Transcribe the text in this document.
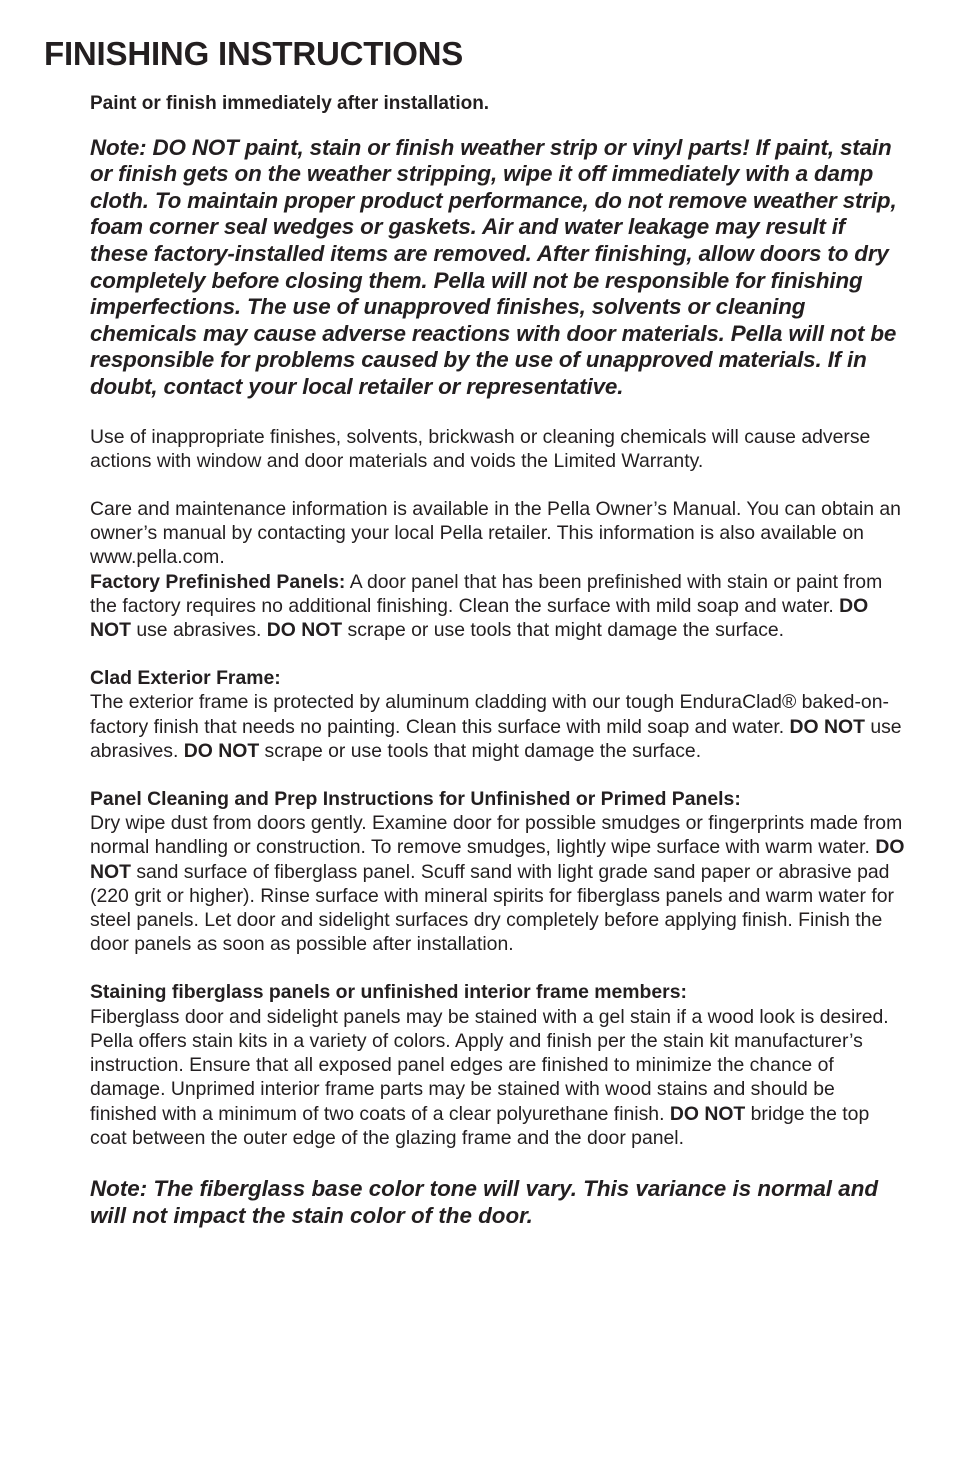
FINISHING INSTRUCTIONS

Paint or finish immediately after installation.

Note: DO NOT paint, stain or finish weather strip or vinyl parts! If paint, stain or finish gets on the weather stripping, wipe it off immediately with a damp cloth. To maintain proper product performance, do not remove weather strip, foam corner seal wedges or gaskets. Air and water leakage may result if these factory-installed items are removed. After finishing, allow doors to dry completely before closing them. Pella will not be responsible for finishing imperfections. The use of unapproved finishes, solvents or cleaning chemicals may cause adverse reactions with door materials. Pella will not be responsible for problems caused by the use of unapproved materials. If in doubt, contact your local retailer or representative.

Use of inappropriate finishes, solvents, brickwash or cleaning chemicals will cause adverse actions with window and door materials and voids the Limited Warranty.

Care and maintenance information is available in the Pella Owner’s Manual. You can obtain an owner’s manual by contacting your local Pella retailer. This information is also available on www.pella.com.

Factory Prefinished Panels: A door panel that has been prefinished with stain or paint from the factory requires no additional finishing. Clean the surface with mild soap and water. DO NOT use abrasives. DO NOT scrape or use tools that might damage the surface.

Clad Exterior Frame:
The exterior frame is protected by aluminum cladding with our tough EnduraClad® baked-on-factory finish that needs no painting. Clean this surface with mild soap and water. DO NOT use abrasives. DO NOT scrape or use tools that might damage the surface.

Panel Cleaning and Prep Instructions for Unfinished or Primed Panels:
Dry wipe dust from doors gently. Examine door for possible smudges or fingerprints made from normal handling or construction. To remove smudges, lightly wipe surface with warm water. DO NOT sand surface of fiberglass panel. Scuff sand with light grade sand paper or abrasive pad (220 grit or higher). Rinse surface with mineral spirits for fiberglass panels and warm water for steel panels. Let door and sidelight surfaces dry completely before applying finish. Finish the door panels as soon as possible after installation.

Staining fiberglass panels or unfinished interior frame members:
Fiberglass door and sidelight panels may be stained with a gel stain if a wood look is desired. Pella offers stain kits in a variety of colors. Apply and finish per the stain kit manufacturer’s instruction. Ensure that all exposed panel edges are finished to minimize the chance of damage. Unprimed interior frame parts may be stained with wood stains and should be finished with a minimum of two coats of a clear polyurethane finish. DO NOT bridge the top coat between the outer edge of the glazing frame and the door panel.

Note: The fiberglass base color tone will vary. This variance is normal and will not impact the stain color of the door.
